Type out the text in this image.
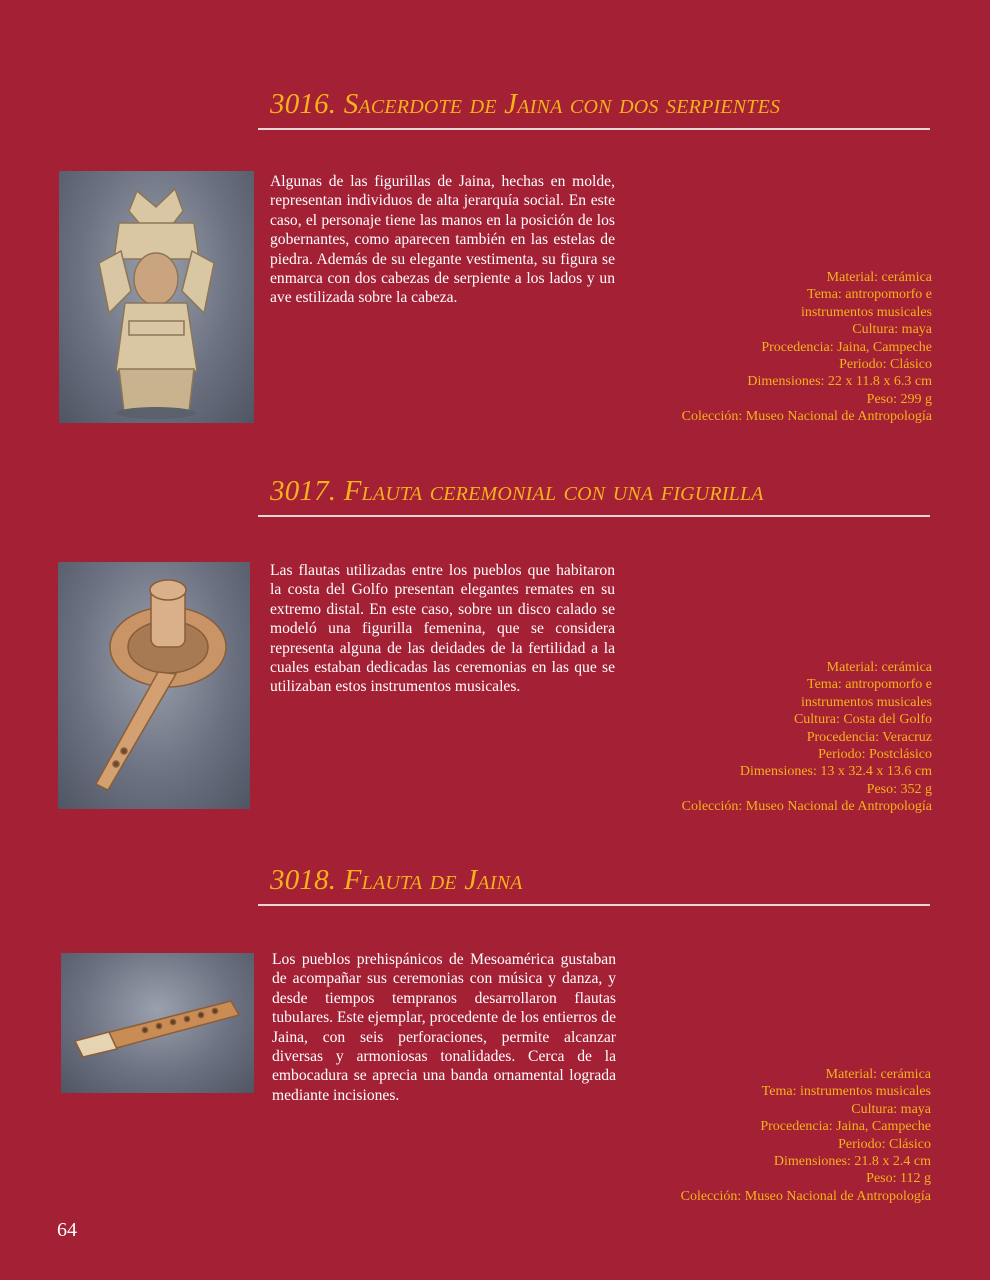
3016. Sacerdote de Jaina con dos serpientes

Algunas de las figurillas de Jaina, hechas en molde, representan individuos de alta jerarquía social. En este caso, el personaje tiene las manos en la posición de los gobernantes, como aparecen también en las estelas de piedra. Además de su elegante vestimenta, su figura se enmarca con dos cabezas de serpiente a los lados y un ave estilizada sobre la cabeza.

Material: cerámica
Tema: antropomorfo e
instrumentos musicales
Cultura: maya
Procedencia: Jaina, Campeche
Periodo: Clásico
Dimensiones: 22 x 11.8 x 6.3 cm
Peso: 299 g
Colección: Museo Nacional de Antropología
3017. Flauta ceremonial con una figurilla

Las flautas utilizadas entre los pueblos que habitaron la costa del Golfo presentan elegantes remates en su extremo distal. En este caso, sobre un disco calado se modeló una figurilla femenina, que se considera representa alguna de las deidades de la fertilidad a la cuales estaban dedicadas las ceremonias en las que se utilizaban estos instrumentos musicales.

Material: cerámica
Tema: antropomorfo e
instrumentos musicales
Cultura: Costa del Golfo
Procedencia: Veracruz
Periodo: Postclásico
Dimensiones: 13 x 32.4 x 13.6 cm
Peso: 352 g
Colección: Museo Nacional de Antropología
3018. Flauta de Jaina

Los pueblos prehispánicos de Mesoamérica gustaban de acompañar sus ceremonias con música y danza, y desde tiempos tempranos desarrollaron flautas tubulares. Este ejemplar, procedente de los entierros de Jaina, con seis perforaciones, permite alcanzar diversas y armoniosas tonalidades. Cerca de la embocadura se aprecia una banda ornamental lograda mediante incisiones.

Material: cerámica
Tema: instrumentos musicales
Cultura: maya
Procedencia: Jaina, Campeche
Periodo: Clásico
Dimensiones: 21.8 x 2.4 cm
Peso: 112 g
Colección: Museo Nacional de Antropología
64
